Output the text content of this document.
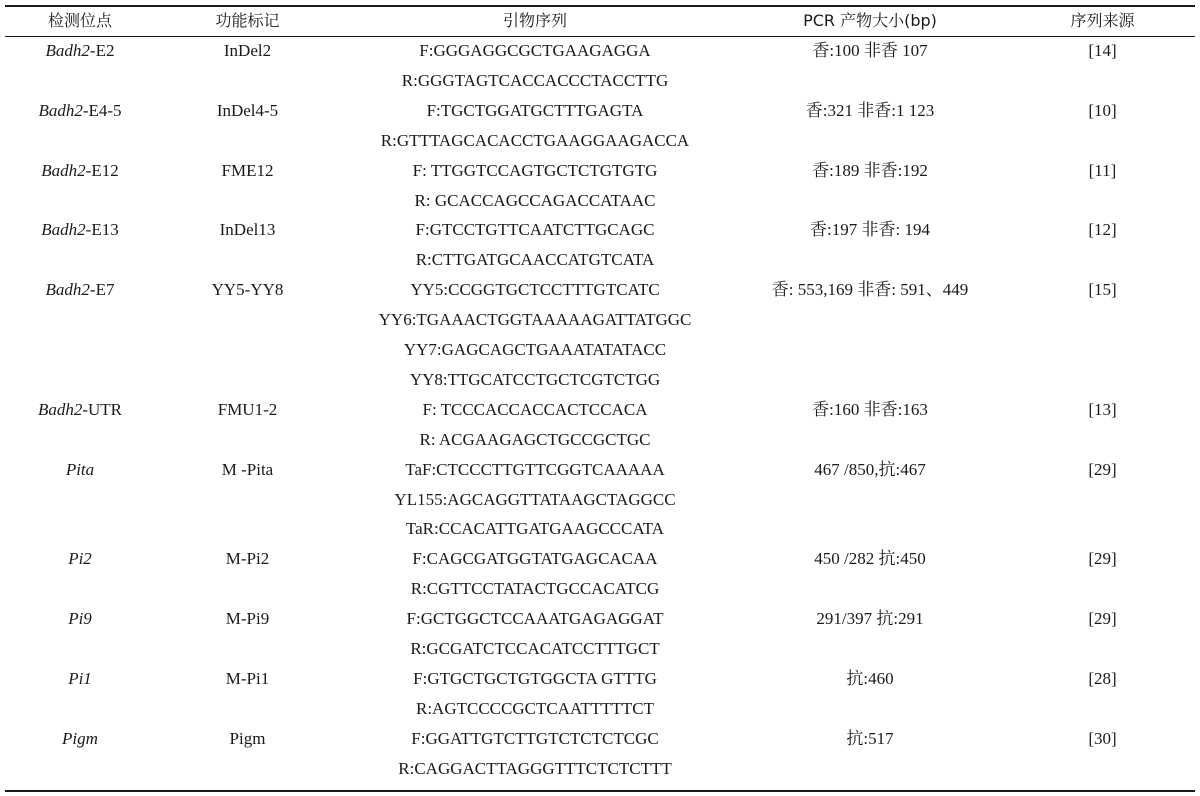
检测位点	功能标记	引物序列	PCR 产物大小(bp)	序列来源
Badh2-E2	InDel2	F:GGGAGGCGCTGAAGAGGA	香:100 非香 107	[14]
R:GGGTAGTCACCACCCTACCTTG
Badh2-E4-5	InDel4-5	F:TGCTGGATGCTTTGAGTA	香:321 非香:1 123	[10]
R:GTTTAGCACACCTGAAGGAAGACCA
Badh2-E12	FME12	F: TTGGTCCAGTGCTCTGTGTG	香:189 非香:192	[11]
R: GCACCAGCCAGACCATAAC
Badh2-E13	InDel13	F:GTCCTGTTCAATCTTGCAGC	香:197 非香: 194	[12]
R:CTTGATGCAACCATGTCATA
Badh2-E7	YY5-YY8	YY5:CCGGTGCTCCTTTGTCATC	香: 553,169 非香: 591、449	[15]
YY6:TGAAACTGGTAAAAAGATTATGGC
YY7:GAGCAGCTGAAATATATACC
YY8:TTGCATCCTGCTCGTCTGG
Badh2-UTR	FMU1-2	F: TCCCACCACCACTCCACA	香:160 非香:163	[13]
R: ACGAAGAGCTGCCGCTGC
Pita	M -Pita	TaF:CTCCCTTGTTCGGTCAAAAA	467 /850,抗:467	[29]
YL155:AGCAGGTTATAAGCTAGGCC
TaR:CCACATTGATGAAGCCCATA
Pi2	M-Pi2	F:CAGCGATGGTATGAGCACAA	450 /282 抗:450	[29]
R:CGTTCCTATACTGCCACATCG
Pi9	M-Pi9	F:GCTGGCTCCAAATGAGAGGAT	291/397 抗:291	[29]
R:GCGATCTCCACATCCTTTGCT
Pi1	M-Pi1	F:GTGCTGCTGTGGCTA GTTTG	抗:460	[28]
R:AGTCCCCGCTCAATTTTTCT
Pigm	Pigm	F:GGATTGTCTTGTCTCTCTCGC	抗:517	[30]
R:CAGGACTTAGGGTTTCTCTCTTT
